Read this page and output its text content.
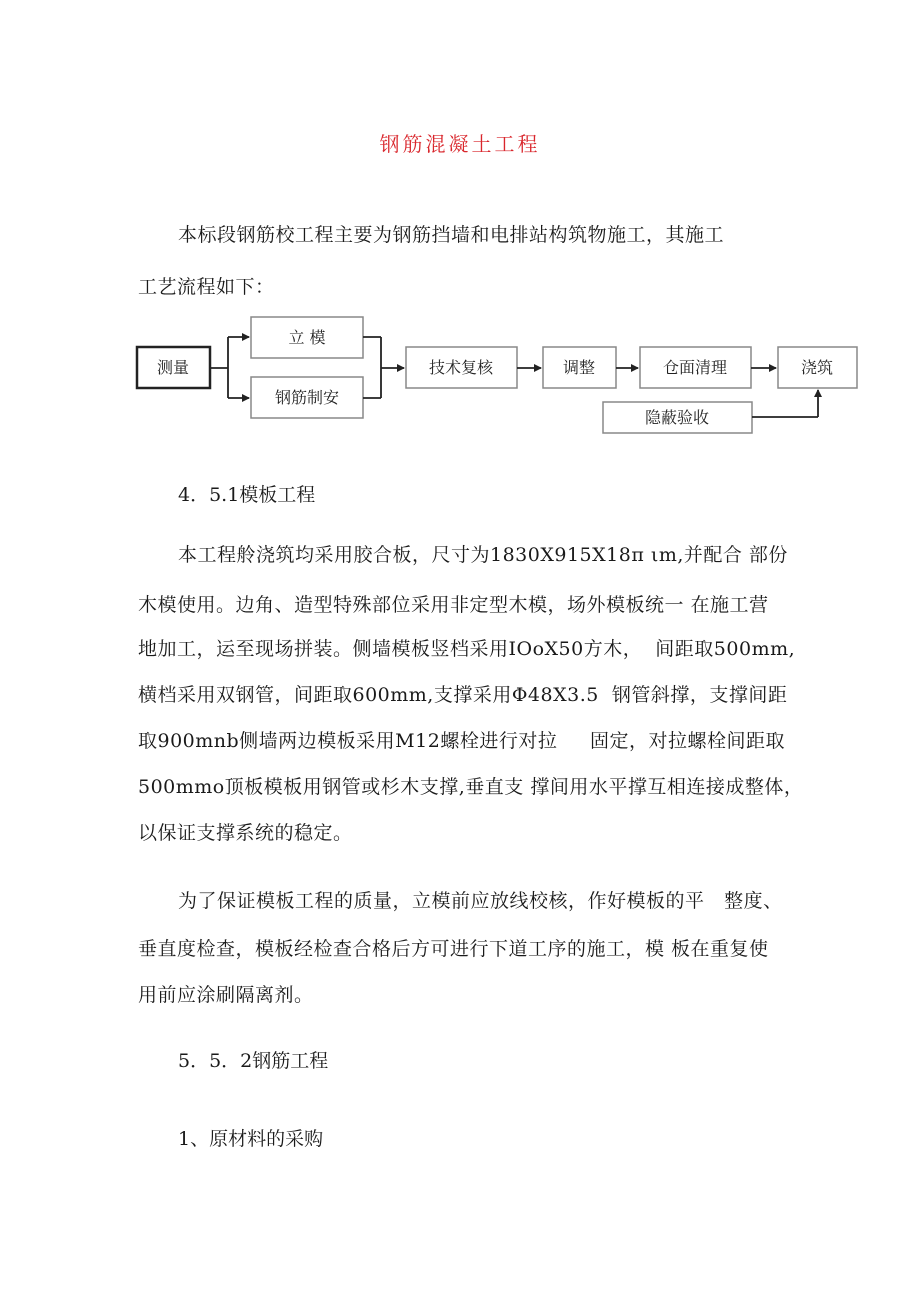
钢筋混凝土工程
本标段钢筋校工程主要为钢筋挡墙和电排站构筑物施工，其施工
工艺流程如下：
测量
立 模
钢筋制安
技术复核	调整	仓面清理	浇筑
隐蔽验收
4．5.1模板工程
本工程舲浇筑均采用胶合板，尺寸为1830X915X18π ιm,并配合 部份
木模使用。边角、造型特殊部位采用非定型木模，场外模板统一 在施工营
地加工，运至现场拼装。侧墙模板竖档采用IOoX50方木，  间距取500mm,
横档采用双钢管，间距取600mm,支撑采用Φ48X3.5  钢管斜撑，支撑间距
取900mnb侧墙两边模板采用M12螺栓进行对拉     固定，对拉螺栓间距取
500mmo顶板模板用钢管或杉木支撑,垂直支 撑间用水平撑互相连接成整体，
以保证支撑系统的稳定。
为了保证模板工程的质量，立模前应放线校核，作好模板的平   整度、
垂直度检查，模板经检查合格后方可进行下道工序的施工，模 板在重复使
用前应涂刷隔离剂。
5．5．2钢筋工程
1、原材料的采购
